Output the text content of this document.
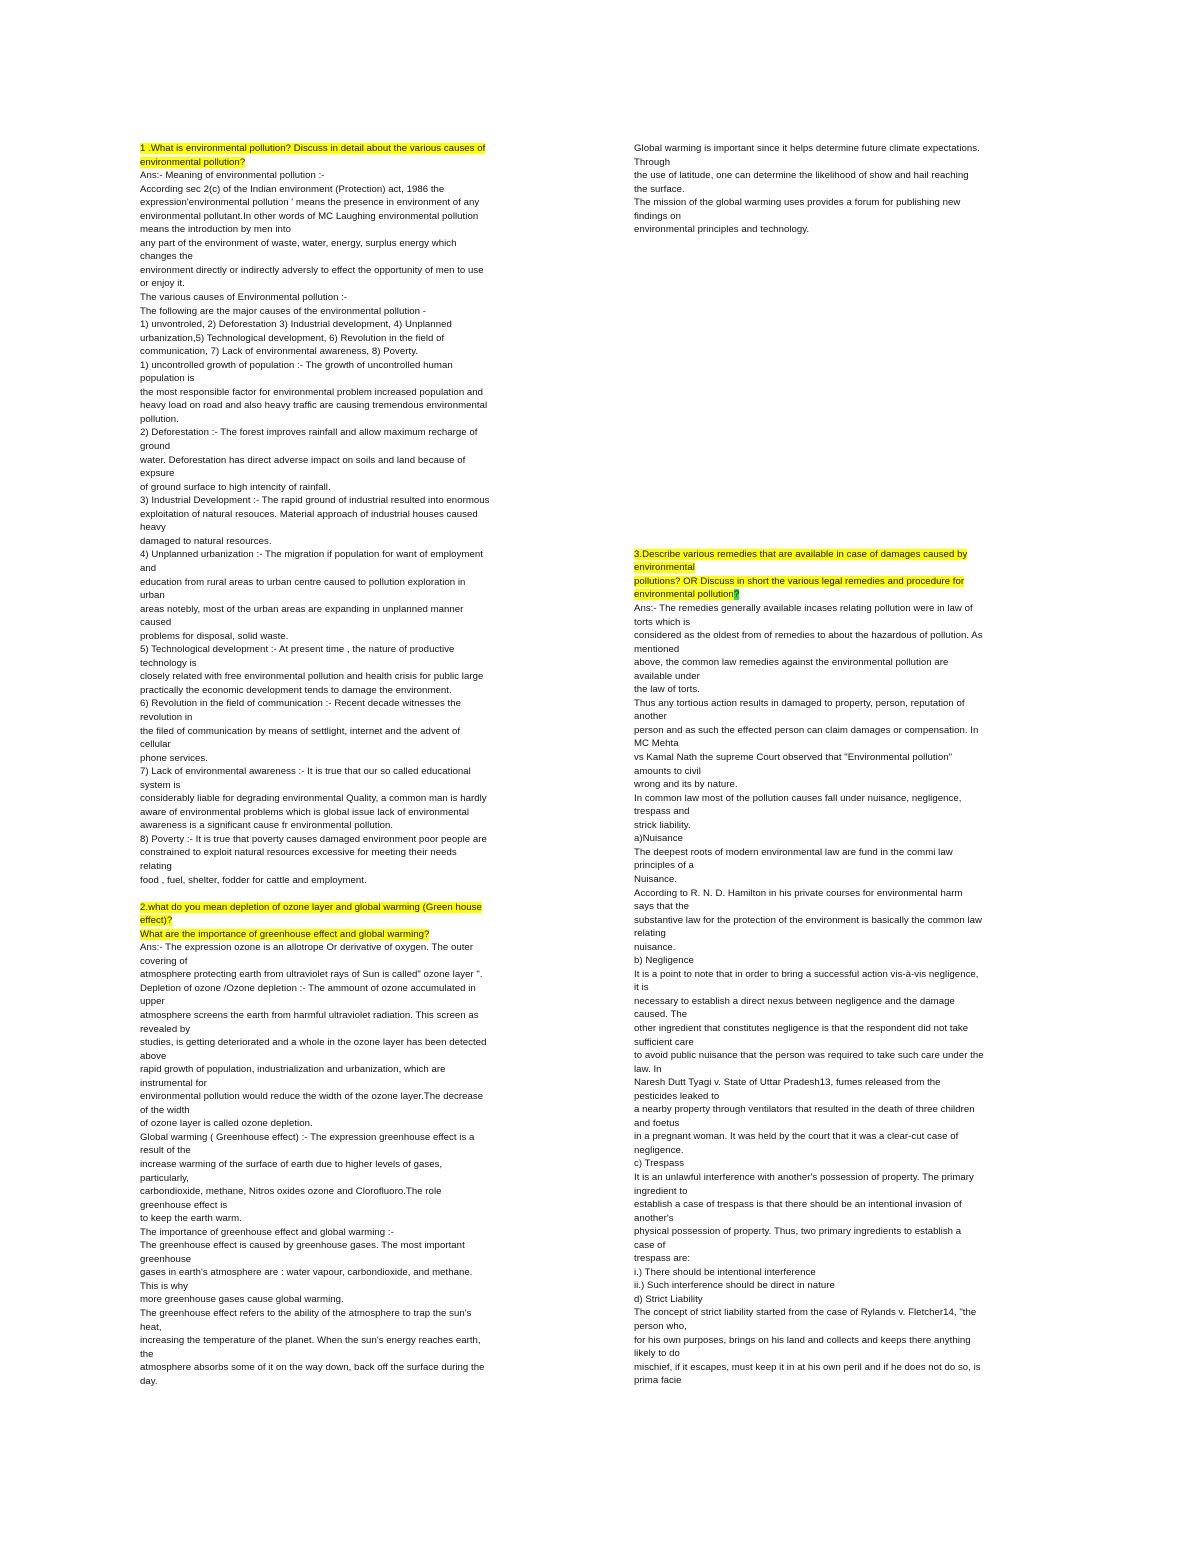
1 .What is environmental pollution? Discuss in detail about the various causes of
environmental pollution?
Ans:- Meaning of environmental pollution :-
According sec 2(c) of the Indian environment (Protection) act, 1986 the
expression'environmental pollution ' means the presence in environment of any
environmental pollutant.In other words of MC Laughing environmental pollution
means the introduction by men into
any part of the environment of waste, water, energy, surplus energy which
changes the
environment directly or indirectly adversly to effect the opportunity of men to use
or enjoy it.
The various causes of Environmental pollution :-
The following are the major causes of the environmental pollution -
1) unvontroled, 2) Deforestation 3) Industrial development, 4) Unplanned
urbanization,5) Technological development, 6) Revolution in the field of
communication, 7) Lack of environmental awareness, 8) Poverty.
1) uncontrolled growth of population :- The growth of uncontrolled human
population is
the most responsible factor for environmental problem increased population and
heavy load on road and also heavy traffic are causing tremendous environmental
pollution.
2) Deforestation :- The forest improves rainfall and allow maximum recharge of
ground
water. Deforestation has direct adverse impact on soils and land because of
expsure
of ground surface to high intencity of rainfall.
3) Industrial Development :- The rapid ground of industrial resulted into enormous
exploitation of natural resouces. Material approach of industrial houses caused
heavy
damaged to natural resources.
4) Unplanned urbanization :- The migration if population for want of employment
and
education from rural areas to urban centre caused to pollution exploration in
urban
areas notebly, most of the urban areas are expanding in unplanned manner
caused
problems for disposal, solid waste.
5) Technological development :- At present time , the nature of productive
technology is
closely related with free environmental pollution and health crisis for public large
practically the economic development tends to damage the environment.
6) Revolution in the field of communication :- Recent decade witnesses the
revolution in
the filed of communication by means of settlight, internet and the advent of
cellular
phone services.
7) Lack of environmental awareness :- It is true that our so called educational
system is
considerably liable for degrading environmental Quality, a common man is hardly
aware of environmental problems which is global issue lack of environmental
awareness is a significant cause fr environmental pollution.
8) Poverty :- It is true that poverty causes damaged environment poor people are
constrained to exploit natural resources excessive for meeting their needs
relating
food , fuel, shelter, fodder for cattle and employment.
2.what do you mean depletion of ozone layer and global warming (Green house
effect)?
What are the importance of greenhouse effect and global warming?
Ans:- The expression ozone is an allotrope Or derivative of oxygen. The outer
covering of
atmosphere protecting earth from ultraviolet rays of Sun is called" ozone layer ".
Depletion of ozone /Ozone depletion :- The ammount of ozone accumulated in
upper
atmosphere screens the earth from harmful ultraviolet radiation. This screen as
revealed by
studies, is getting deteriorated and a whole in the ozone layer has been detected
above
rapid growth of population, industrialization and urbanization, which are
instrumental for
environmental pollution would reduce the width of the ozone layer.The decrease
of the width
of ozone layer is called ozone depletion.
Global warming ( Greenhouse effect) :- The expression greenhouse effect is a
result of the
increase warming of the surface of earth due to higher levels of gases,
particularly,
carbondioxide, methane, Nitros oxides ozone and Clorofluoro.The role
greenhouse effect is
to keep the earth warm.
The importance of greenhouse effect and global warming :-
The greenhouse effect is caused by greenhouse gases. The most important
greenhouse
gases in earth's atmosphere are : water vapour, carbondioxide, and methane.
This is why
more greenhouse gases cause global warming.
The greenhouse effect refers to the ability of the atmosphere to trap the sun's
heat,
increasing the temperature of the planet. When the sun's energy reaches earth,
the
atmosphere absorbs some of it on the way down, back off the surface during the
day.
Global warming is important since it helps determine future climate expectations.
Through
the use of latitude, one can determine the likelihood of show and hail reaching
the surface.
The mission of the global warming uses provides a forum for publishing new
findings on
environmental principles and technology.
3.Describe various remedies that are available in case of damages caused by
environmental
pollutions? OR Discuss in short the various legal remedies and procedure for
environmental pollution?
Ans:- The remedies generally available incases relating pollution were in law of
torts which is
considered as the oldest from of remedies to about the hazardous of pollution. As
mentioned
above, the common law remedies against the environmental pollution are
available under
the law of torts.
Thus any tortious action results in damaged to property, person, reputation of
another
person and as such the effected person can claim damages or compensation. In
MC Mehta
vs Kamal Nath the supreme Court observed that "Environmental pollution"
amounts to civil
wrong and its by nature.
In common law most of the pollution causes fall under nuisance, negligence,
trespass and
strick liability.
a)Nuisance
The deepest roots of modern environmental law are fund in the commi law
principles of a
Nuisance.
According to R. N. D. Hamilton in his private courses for environmental harm
says that the
substantive law for the protection of the environment is basically the common law
relating
nuisance.
b) Negligence
It is a point to note that in order to bring a successful action vis-à-vis negligence,
it is
necessary to establish a direct nexus between negligence and the damage
caused. The
other ingredient that constitutes negligence is that the respondent did not take
sufficient care
to avoid public nuisance that the person was required to take such care under the
law. In
Naresh Dutt Tyagi v. State of Uttar Pradesh13, fumes released from the
pesticides leaked to
a nearby property through ventilators that resulted in the death of three children
and foetus
in a pregnant woman. It was held by the court that it was a clear-cut case of
negligence.
c) Trespass
It is an unlawful interference with another's possession of property. The primary
ingredient to
establish a case of trespass is that there should be an intentional invasion of
another's
physical possession of property. Thus, two primary ingredients to establish a
case of
trespass are:
i.) There should be intentional interference
ii.) Such interference should be direct in nature
d) Strict Liability
The concept of strict liability started from the case of Rylands v. Fletcher14, "the
person who,
for his own purposes, brings on his land and collects and keeps there anything
likely to do
mischief, if it escapes, must keep it in at his own peril and if he does not do so, is
prima facie
